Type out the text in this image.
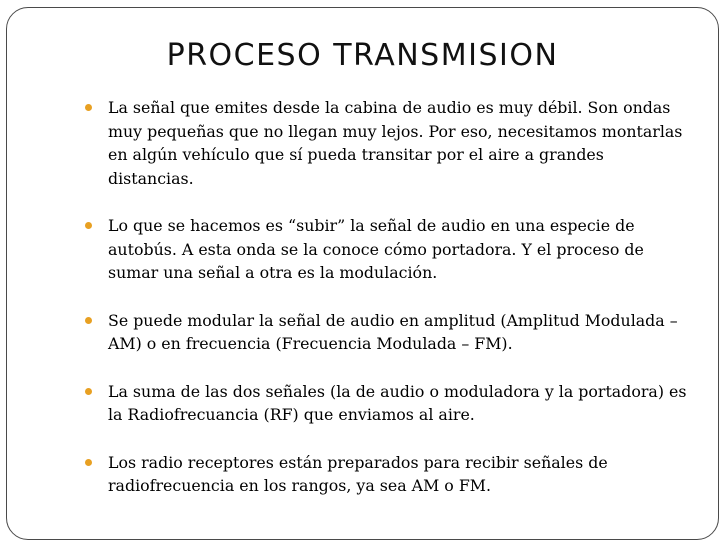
PROCESO TRANSMISION
La señal que emites desde la cabina de audio es muy débil. Son ondas muy pequeñas que no llegan muy lejos. Por eso, necesitamos montarlas en algún vehículo que sí pueda transitar por el aire a grandes distancias.
Lo que se hacemos es “subir” la señal de audio en una especie de autobús. A esta onda se la conoce cómo portadora. Y el proceso de sumar una señal a otra es la modulación.
Se puede modular la señal de audio en amplitud (Amplitud Modulada – AM) o en frecuencia (Frecuencia Modulada – FM).
La suma de las dos señales (la de audio o moduladora y la portadora) es la Radiofrecuancia (RF) que enviamos al aire.
Los radio receptores están preparados para recibir señales de radiofrecuencia en los rangos, ya sea AM o FM.
